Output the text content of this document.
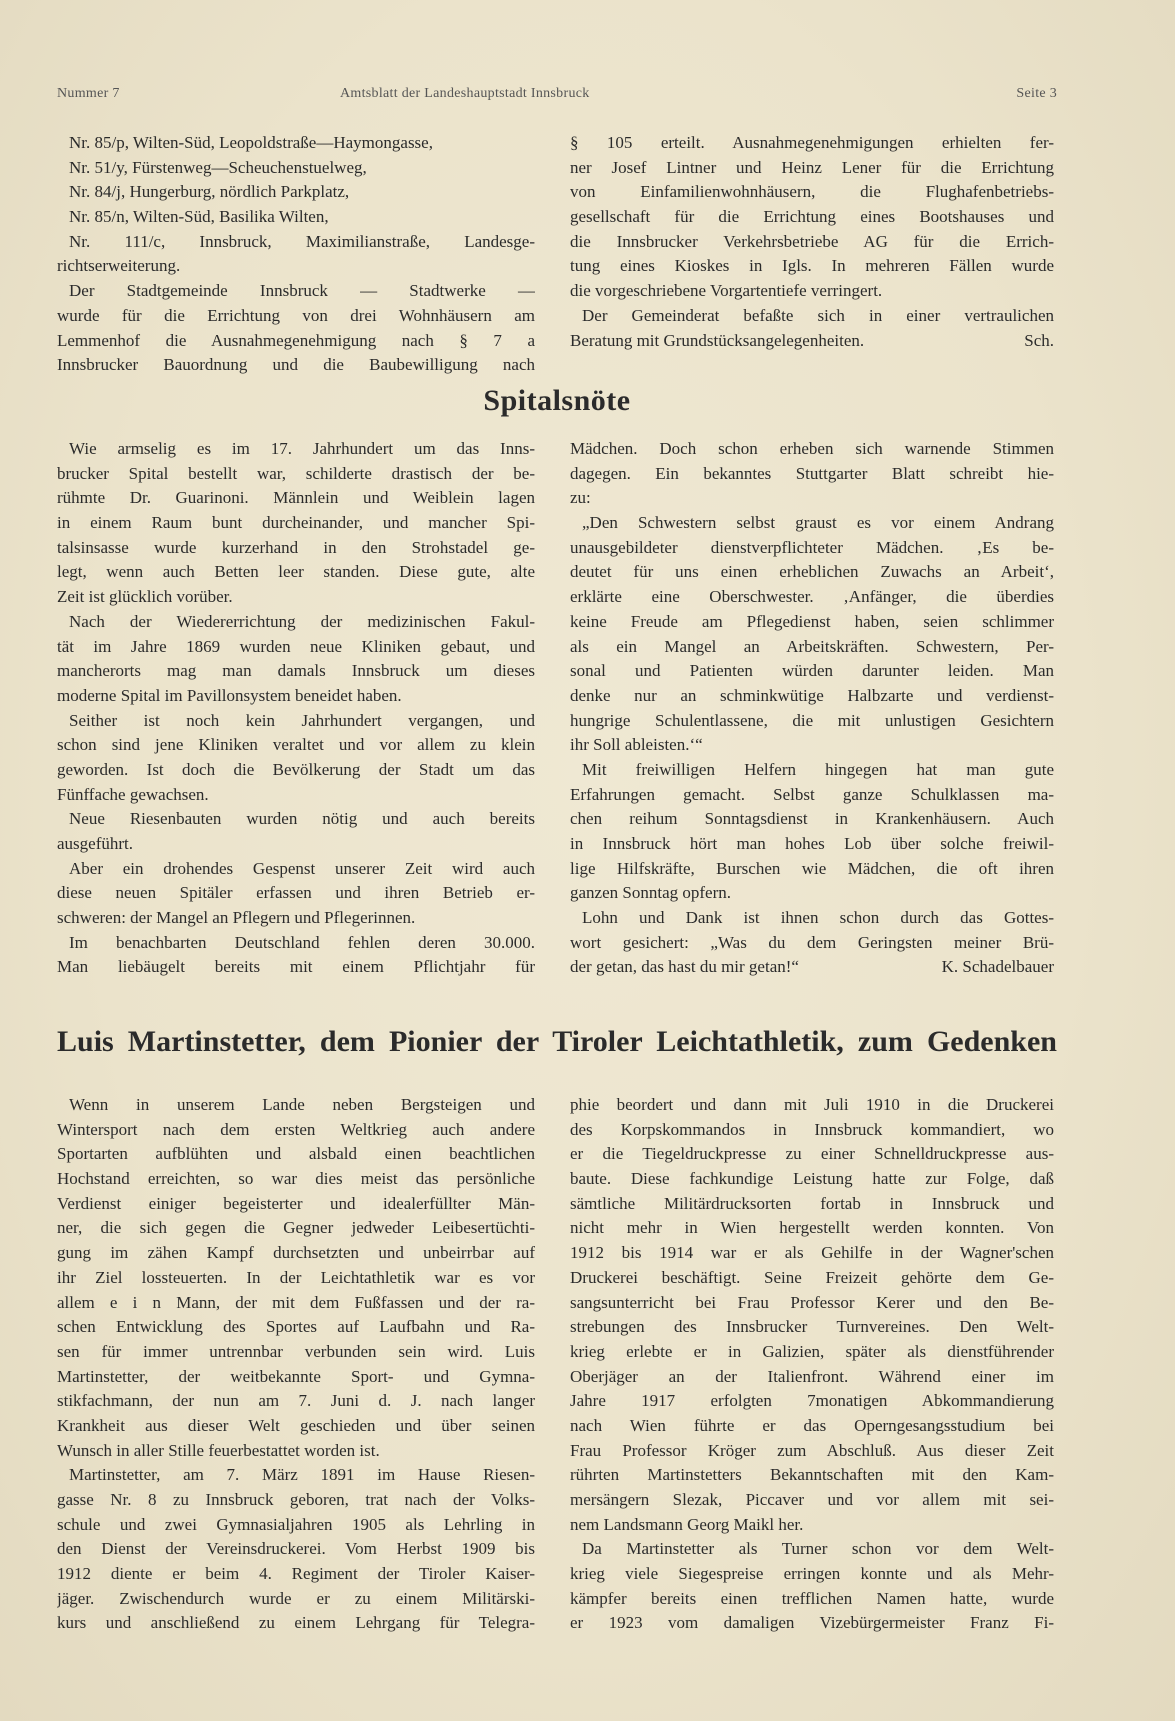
Nummer 7	Amtsblatt der Landeshauptstadt Innsbruck	Seite 3
Nr. 85/p, Wilten-Süd, Leopoldstraße—Haymongasse,
Nr. 51/y, Fürstenweg—Scheuchenstuelweg,
Nr. 84/j, Hungerburg, nördlich Parkplatz,
Nr. 85/n, Wilten-Süd, Basilika Wilten,
Nr. 111/c, Innsbruck, Maximilianstraße, Landesge-
richtserweiterung.
Der Stadtgemeinde Innsbruck — Stadtwerke —
wurde für die Errichtung von drei Wohnhäusern am
Lemmenhof die Ausnahmegenehmigung nach § 7 a
Innsbrucker Bauordnung und die Baubewilligung nach
§ 105 erteilt. Ausnahmegenehmigungen erhielten fer-
ner Josef Lintner und Heinz Lener für die Errichtung
von Einfamilienwohnhäusern, die Flughafenbetriebs-
gesellschaft für die Errichtung eines Bootshauses und
die Innsbrucker Verkehrsbetriebe AG für die Errich-
tung eines Kioskes in Igls. In mehreren Fällen wurde
die vorgeschriebene Vorgartentiefe verringert.
Der Gemeinderat befaßte sich in einer vertraulichen
Beratung mit Grundstücksangelegenheiten.	Sch.
Spitalsnöte
Wie armselig es im 17. Jahrhundert um das Inns-
brucker Spital bestellt war, schilderte drastisch der be-
rühmte Dr. Guarinoni. Männlein und Weiblein lagen
in einem Raum bunt durcheinander, und mancher Spi-
talsinsasse wurde kurzerhand in den Strohstadel ge-
legt, wenn auch Betten leer standen. Diese gute, alte
Zeit ist glücklich vorüber.
Nach der Wiedererrichtung der medizinischen Fakul-
tät im Jahre 1869 wurden neue Kliniken gebaut, und
mancherorts mag man damals Innsbruck um dieses
moderne Spital im Pavillonsystem beneidet haben.
Seither ist noch kein Jahrhundert vergangen, und
schon sind jene Kliniken veraltet und vor allem zu klein
geworden. Ist doch die Bevölkerung der Stadt um das
Fünffache gewachsen.
Neue Riesenbauten wurden nötig und auch bereits
ausgeführt.
Aber ein drohendes Gespenst unserer Zeit wird auch
diese neuen Spitäler erfassen und ihren Betrieb er-
schweren: der Mangel an Pflegern und Pflegerinnen.
Im benachbarten Deutschland fehlen deren 30.000.
Man liebäugelt bereits mit einem Pflichtjahr für
Mädchen. Doch schon erheben sich warnende Stimmen
dagegen. Ein bekanntes Stuttgarter Blatt schreibt hie-
zu:
„Den Schwestern selbst graust es vor einem Andrang
unausgebildeter dienstverpflichteter Mädchen. ‚Es be-
deutet für uns einen erheblichen Zuwachs an Arbeit‘,
erklärte eine Oberschwester. ‚Anfänger, die überdies
keine Freude am Pflegedienst haben, seien schlimmer
als ein Mangel an Arbeitskräften. Schwestern, Per-
sonal und Patienten würden darunter leiden. Man
denke nur an schminkwütige Halbzarte und verdienst-
hungrige Schulentlassene, die mit unlustigen Gesichtern
ihr Soll ableisten.‘“
Mit freiwilligen Helfern hingegen hat man gute
Erfahrungen gemacht. Selbst ganze Schulklassen ma-
chen reihum Sonntagsdienst in Krankenhäusern. Auch
in Innsbruck hört man hohes Lob über solche freiwil-
lige Hilfskräfte, Burschen wie Mädchen, die oft ihren
ganzen Sonntag opfern.
Lohn und Dank ist ihnen schon durch das Gottes-
wort gesichert: „Was du dem Geringsten meiner Brü-
der getan, das hast du mir getan!“	K. Schadelbauer
Luis Martinstetter, dem Pionier der Tiroler Leichtathletik, zum Gedenken
Wenn in unserem Lande neben Bergsteigen und
Wintersport nach dem ersten Weltkrieg auch andere
Sportarten aufblühten und alsbald einen beachtlichen
Hochstand erreichten, so war dies meist das persönliche
Verdienst einiger begeisterter und idealerfüllter Män-
ner, die sich gegen die Gegner jedweder Leibesertüchti-
gung im zähen Kampf durchsetzten und unbeirrbar auf
ihr Ziel lossteuerten. In der Leichtathletik war es vor
allem e i n Mann, der mit dem Fußfassen und der ra-
schen Entwicklung des Sportes auf Laufbahn und Ra-
sen für immer untrennbar verbunden sein wird. Luis
Martinstetter, der weitbekannte Sport- und Gymna-
stikfachmann, der nun am 7. Juni d. J. nach langer
Krankheit aus dieser Welt geschieden und über seinen
Wunsch in aller Stille feuerbestattet worden ist.
Martinstetter, am 7. März 1891 im Hause Riesen-
gasse Nr. 8 zu Innsbruck geboren, trat nach der Volks-
schule und zwei Gymnasialjahren 1905 als Lehrling in
den Dienst der Vereinsdruckerei. Vom Herbst 1909 bis
1912 diente er beim 4. Regiment der Tiroler Kaiser-
jäger. Zwischendurch wurde er zu einem Militärski-
kurs und anschließend zu einem Lehrgang für Telegra-
phie beordert und dann mit Juli 1910 in die Druckerei
des Korpskommandos in Innsbruck kommandiert, wo
er die Tiegeldruckpresse zu einer Schnelldruckpresse aus-
baute. Diese fachkundige Leistung hatte zur Folge, daß
sämtliche Militärdrucksorten fortab in Innsbruck und
nicht mehr in Wien hergestellt werden konnten. Von
1912 bis 1914 war er als Gehilfe in der Wagner'schen
Druckerei beschäftigt. Seine Freizeit gehörte dem Ge-
sangsunterricht bei Frau Professor Kerer und den Be-
strebungen des Innsbrucker Turnvereines. Den Welt-
krieg erlebte er in Galizien, später als dienstführender
Oberjäger an der Italienfront. Während einer im
Jahre 1917 erfolgten 7monatigen Abkommandierung
nach Wien führte er das Operngesangsstudium bei
Frau Professor Kröger zum Abschluß. Aus dieser Zeit
rührten Martinstetters Bekanntschaften mit den Kam-
mersängern Slezak, Piccaver und vor allem mit sei-
nem Landsmann Georg Maikl her.
Da Martinstetter als Turner schon vor dem Welt-
krieg viele Siegespreise erringen konnte und als Mehr-
kämpfer bereits einen trefflichen Namen hatte, wurde
er 1923 vom damaligen Vizebürgermeister Franz Fi-
